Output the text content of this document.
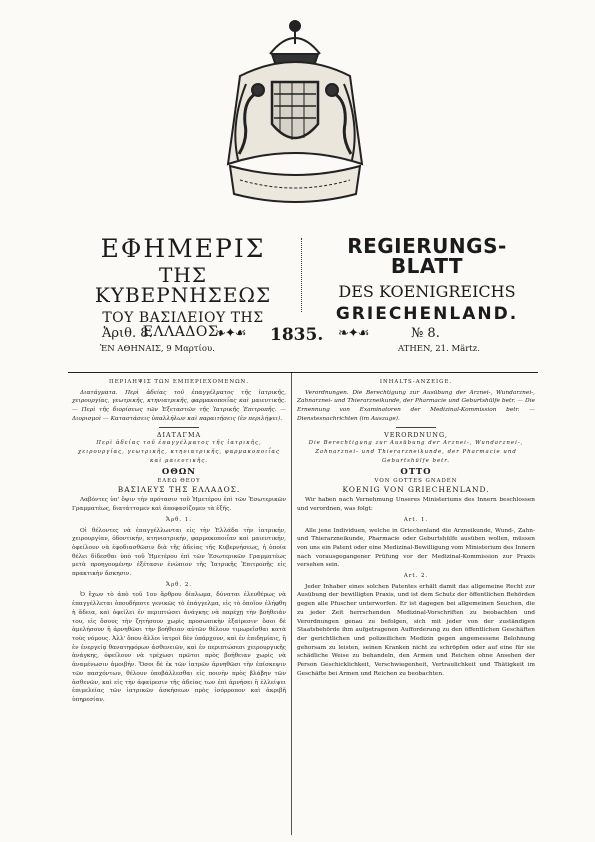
ΕΦΗΜΕΡΙΣ
ΤΗΣ ΚΥΒΕΡΝΗΣΕΩΣ
ΤΟΥ ΒΑΣΙΛΕΙΟΥ ΤΗΣ ΕΛΛΑΔΟΣ.
REGIERUNGS-BLATT
DES KOENIGREICHS
GRIECHENLAND.
Ἀριθ. 8.
ἘΝ ΑΘΗΝΑΙΣ, 9 Μαρτίου.
1835.	№ 8.
ATHEN, 21. Märtz.
❧✦☙	❧✦☙
ΠΕΡΙΛΗΨΙΣ ΤΩΝ ΕΜΠΕΡΙΕΧΟΜΕΝΩΝ.
Διατάγματα. Περὶ ἀδείας τοῦ ἐπαγγέλματος τῆς ἰατρικῆς, χειρουργίας, γεωτρικῆς, κτηνιατρικῆς, φαρμακοποιΐας καὶ μαιευτικῆς. — Περὶ τῆς διορίσεως τῶν Ἐξεταστῶν τῆς Ἰατρικῆς Ἐπιτροπῆς. — Διορισμοὶ — Καταστάσεις ὑπαλλήλων καὶ παραιτήσεις (ἐν περιλήψει).
ΔΙΑΤΑΓΜΑ
Περὶ ἀδείας τοῦ ἐπαγγέλματος τῆς ἰατρικῆς, χειρουργίας, γεωτρικῆς, κτηνιατρικῆς, φαρμακοποιΐας καὶ μαιευτικῆς.
ΟΘΩΝ
ΕΛΕΩ ΘΕΟΥ
ΒΑΣΙΛΕΥΣ ΤΗΣ ΕΛΛΑΔΟΣ.
Λαβόντες ὑπ' ὄψιν τὴν πρότασιν τοῦ Ἡμετέρου ἐπὶ τῶν Ἐσωτερικῶν Γραμματέως, διατάττομεν καὶ ἀποφασίζομεν τὰ ἑξῆς.
Ἄρθ. 1.
Οἱ θέλοντες νὰ ἐπαγγέλλωνται εἰς τὴν Ἑλλάδα τὴν ἰατρικήν, χειρουργίαν, ὀδοντικήν, κτηνιατρικήν, φαρμακοποιΐαν καὶ μαιευτικήν, ὀφείλουν νὰ ἐφοδιασθῶσιν διὰ τῆς ἀδείας τῆς Κυβερνήσεως, ἡ ὁποία θέλει δίδεσθαι ὑπὸ τοῦ Ἡμετέρου ἐπὶ τῶν Ἐσωτερικῶν Γραμματέως μετὰ προηγουμένην ἐξέτασιν ἐνώπιον τῆς Ἰατρικῆς Ἐπιτροπῆς εἰς πρακτικὴν ἄσκησιν.
Ἄρθ. 2.
Ὁ ἔχων τὸ ἀπὸ τοῦ 1ου ἄρθρου δίπλωμα, δύναται ἐλευθέρως νὰ ἐπαγγέλλεται ὁπουδήποτε γενικῶς τὸ ἐπάγγελμα, εἰς τὸ ὁποῖον ἐλήφθη ἡ ἄδεια, καὶ ὀφείλει ἐν περιπτώσει ἀνάγκης νὰ παρέχῃ τὴν βοήθειάν του, εἰς ὅσους τὴν ζητήσουν χωρὶς προσωπικὴν ἐξαίρεσιν· ὅσοι δὲ ἀμελήσουν ἢ ἀρνηθῶσι τὴν βοήθειαν αὐτῶν θέλουν τιμωρεῖσθαι κατὰ τοὺς νόμους. Ἀλλ' ὅπου ἄλλοι ἰατροὶ δὲν ὑπάρχουν, καὶ ἐν ἐπιδημίαις, ἢ ἐν ἐνεργείᾳ θανατηφόρων ἀσθενειῶν, καὶ ἐν περιπτώσεσι χειρουργικῆς ἀνάγκης, ὀφείλουν νὰ τρέχωσι πρῶτοι πρὸς βοήθειαν χωρὶς νὰ ἀναμένωσιν ἀμοιβήν. Ὅσοι δὲ ἐκ τῶν ἰατρῶν ἀρνηθῶσι τὴν ἐπίσκεψιν τῶν πασχόντων, θέλουν ὑποβάλλεσθαι εἰς ποινὴν πρὸς βλάβην τῶν ἀσθενῶν, καὶ εἰς τὴν ἀφαίρεσιν τῆς ἀδείας των ἐπὶ ἀρνήσει ἢ ἐλλείψει ἐπιμελείας τῶν ἰατρικῶν ἀσκήσεων πρὸς ἰσόρροπον καὶ ἀκριβῆ ὑπηρεσίαν.
INHALTS-ANZEIGE.
Verordnungen. Die Berechtigung zur Ausübung der Arznei-, Wundarznei-, Zahnarznei- und Thierarzneikunde, der Pharmacie und Geburtshülfe betr. — Die Ernennung von Examinatoren der Medizinal-Kommission betr. — Dienstesnachrichten (im Auszuge).
VERORDNUNG,
Die Berechtigung zur Ausübung der Arznei-, Wundarznei-, Zahnarznei- und Thierarzneikunde, der Pharmacie und Geburtshülfe betr.
OTTO
VON GOTTES GNADEN
KOENIG VON GRIECHENLAND.
Wir haben nach Vernehmung Unseres Ministeriums des Innern beschlossen und verordnen, was folgt:
Art. 1.
Alle jene Individuen, welche in Griechenland die Arzneikunde, Wund-, Zahn- und Thierarzneikunde, Pharmacie oder Geburtshülfe ausüben wollen, müssen von uns ein Patent oder eine Medizinal-Bewilligung vom Ministerium des Innern nach vorausgegangener Prüfung vor der Medizinal-Kommission zur Praxis versehen sein.
Art. 2.
Jeder Inhaber eines solchen Patentes erhält damit das allgemeine Recht zur Ausübung der bewilligten Praxis, und ist dem Schutz der öffentlichen Behörden gegen alle Pfuscher unterworfen. Er ist dagegen bei allgemeinen Seuchen, die zu jeder Zeit herrschenden Medizinal-Vorschriften zu beobachten und Verordnungen genau zu befolgen, sich mit jeder von der zuständigen Staatsbehörde ihm aufgetragenen Aufforderung zu den öffentlichen Geschäften der gerichtlichen und polizeilichen Medizin gegen angemessene Belohnung gehorsam zu leisten, seinen Kranken nicht zu schröpfen oder auf eine für sie schädliche Weise zu behandeln, den Armen und Reichen ohne Ansehen der Person Geschicklichkeit, Verschwiegenheit, Vertraulichkeit und Thätigkeit im Geschäfte bei Armen und Reichen zu beobachten.
